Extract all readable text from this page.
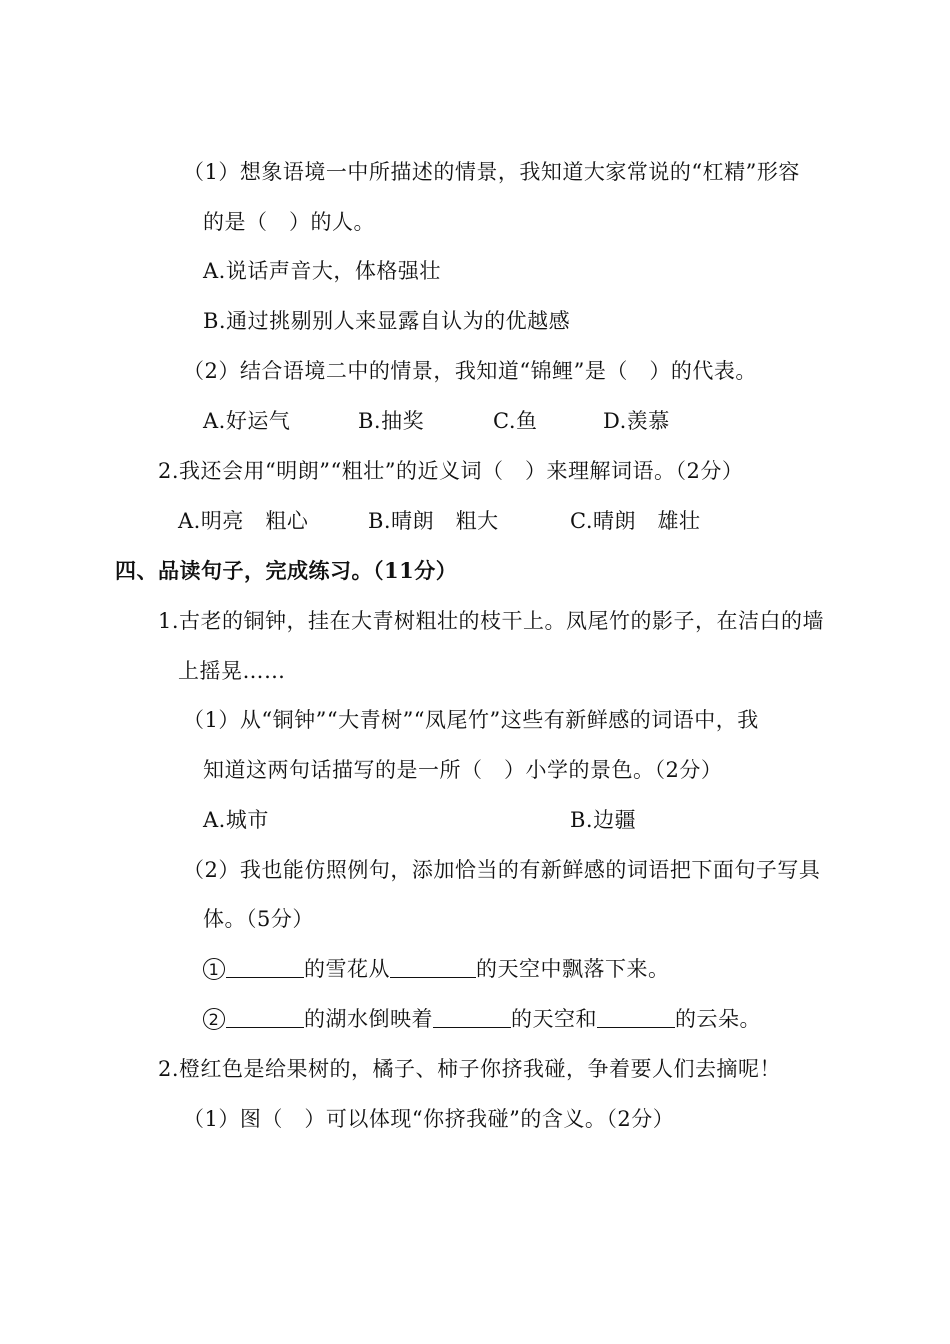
（1）想象语境一中所描述的情景，我知道大家常说的“杠精”形容
的是（　）的人。
A.说话声音大，体格强壮
B.通过挑剔别人来显露自认为的优越感
（2）结合语境二中的情景，我知道“锦鲤”是（　）的代表。
A.好运气	B.抽奖	C.鱼	D.羡慕
2.我还会用“明朗”“粗壮”的近义词（　）来理解词语。（2分）
A.明亮　粗心	B.晴朗　粗大	C.晴朗　雄壮
四、品读句子，完成练习。（11分）
1.古老的铜钟，挂在大青树粗壮的枝干上。凤尾竹的影子，在洁白的墙
上摇晃……
（1）从“铜钟”“大青树”“凤尾竹”这些有新鲜感的词语中，我
知道这两句话描写的是一所（　）小学的景色。（2分）
A.城市	B.边疆
（2）我也能仿照例句，添加恰当的有新鲜感的词语把下面句子写具
体。（5分）
1	的雪花从	的天空中飘落下来。
2	的湖水倒映着	的天空和	的云朵。
2.橙红色是给果树的，橘子、柿子你挤我碰，争着要人们去摘呢！
（1）图（　）可以体现“你挤我碰”的含义。（2分）
